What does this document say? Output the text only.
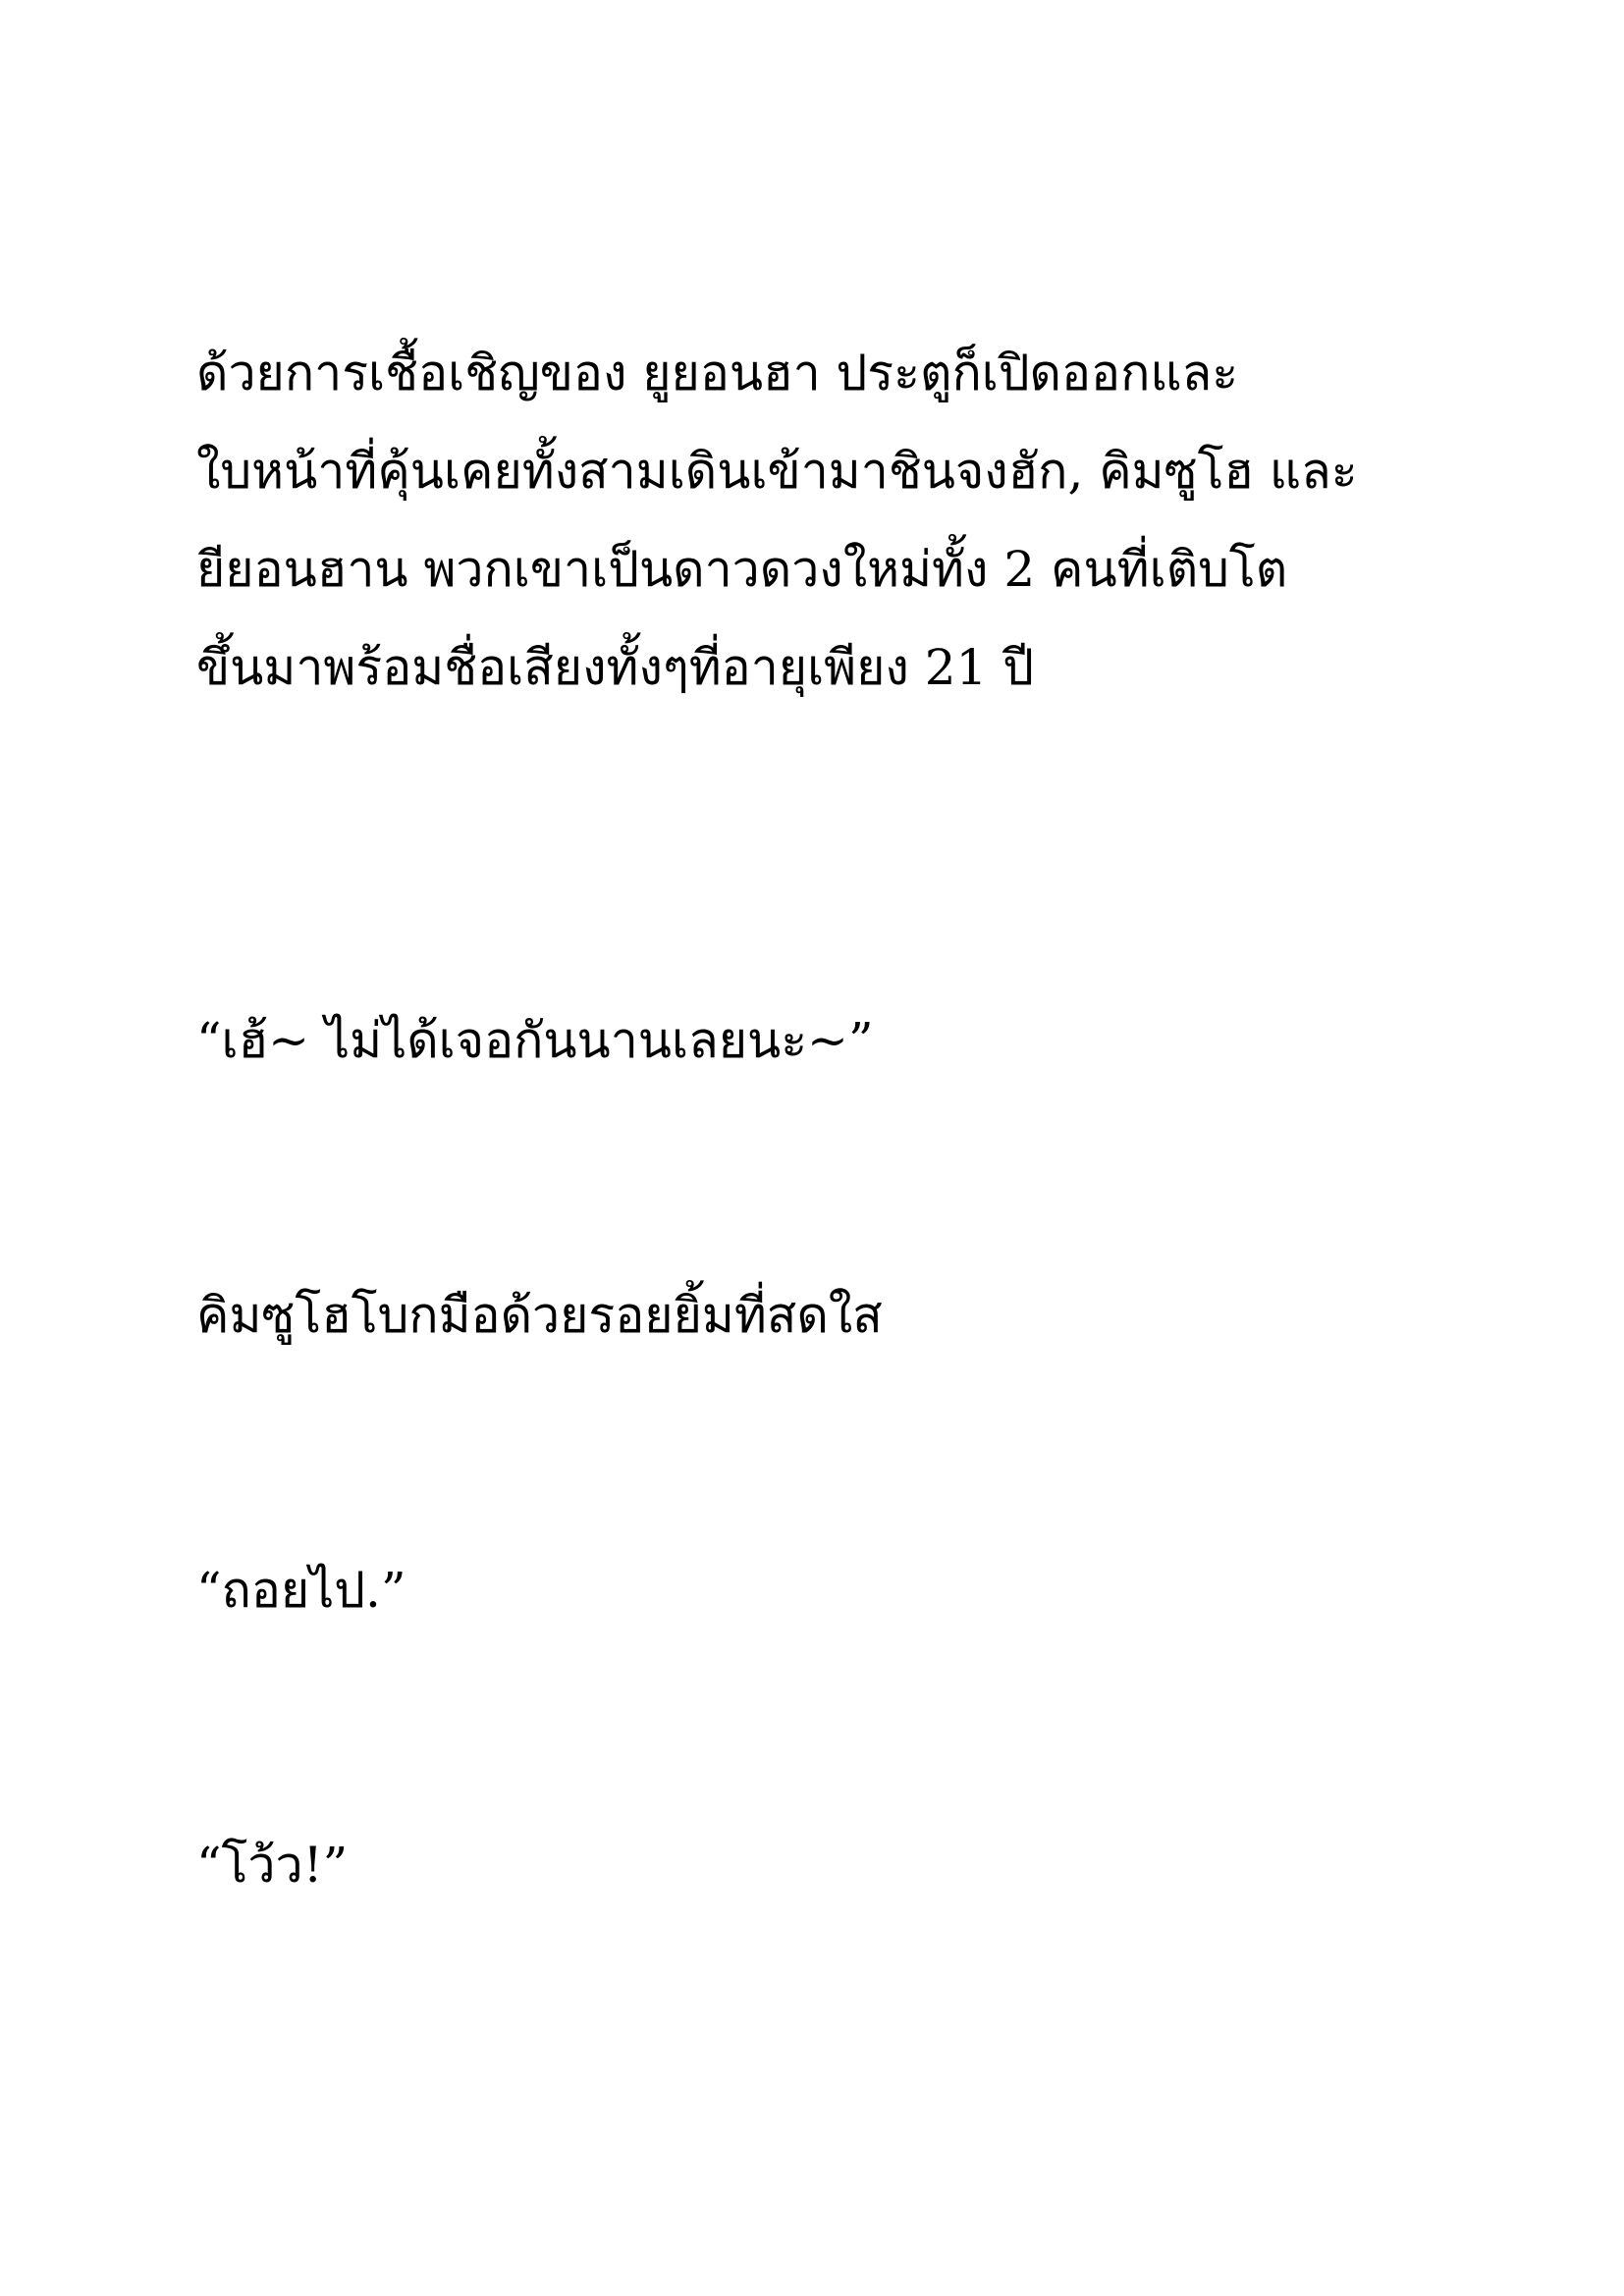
ด้วยการเชื้อเชิญของ ยูยอนฮา ประตูก็เปิดออกและ
ใบหน้าที่คุ้นเคยทั้งสามเดินเข้ามาชินจงฮัก, คิมซูโฮ และ
ยียอนฮาน พวกเขาเป็นดาวดวงใหม่ทั้ง 2 คนที่เติบโต
ขึ้นมาพร้อมชื่อเสียงทั้งๆที่อายุเพียง 21 ปี

“เฮ้~ ไม่ได้เจอกันนานเลยนะ~”

คิมซูโฮโบกมือด้วยรอยยิ้มที่สดใส

“ถอยไป.”

“โว้ว!”
